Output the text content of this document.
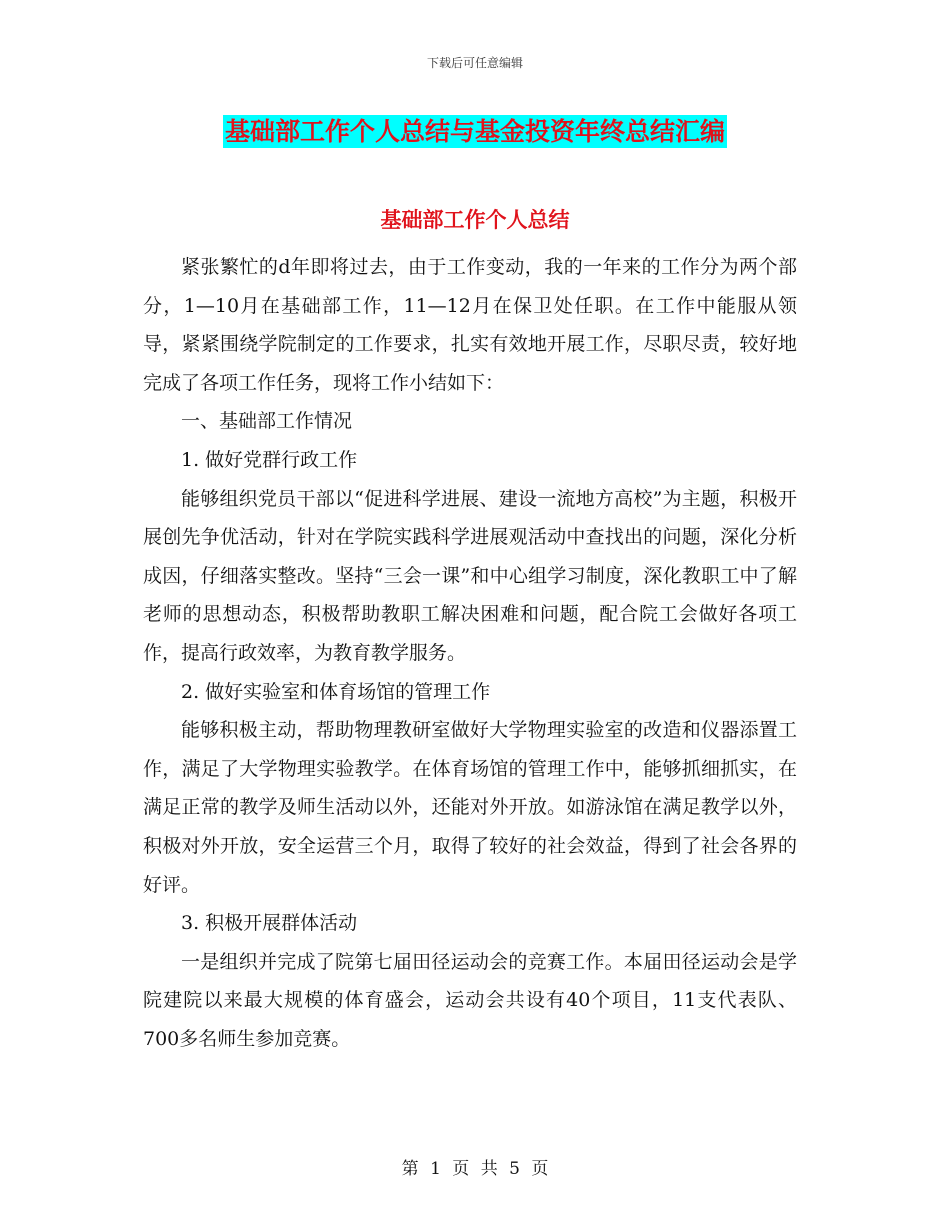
下载后可任意编辑
基础部工作个人总结与基金投资年终总结汇编
基础部工作个人总结

紧张繁忙的d年即将过去，由于工作变动，我的一年来的工作分为两个部分，1—10月在基础部工作，11—12月在保卫处任职。在工作中能服从领导，紧紧围绕学院制定的工作要求，扎实有效地开展工作，尽职尽责，较好地完成了各项工作任务，现将工作小结如下：

一、基础部工作情况

1. 做好党群行政工作

能够组织党员干部以“促进科学进展、建设一流地方高校”为主题，积极开展创先争优活动，针对在学院实践科学进展观活动中查找出的问题，深化分析成因，仔细落实整改。坚持“三会一课”和中心组学习制度，深化教职工中了解老师的思想动态，积极帮助教职工解决困难和问题，配合院工会做好各项工作，提高行政效率，为教育教学服务。

2. 做好实验室和体育场馆的管理工作

能够积极主动，帮助物理教研室做好大学物理实验室的改造和仪器添置工作，满足了大学物理实验教学。在体育场馆的管理工作中，能够抓细抓实，在满足正常的教学及师生活动以外，还能对外开放。如游泳馆在满足教学以外，积极对外开放，安全运营三个月，取得了较好的社会效益，得到了社会各界的好评。

3. 积极开展群体活动

一是组织并完成了院第七届田径运动会的竞赛工作。本届田径运动会是学院建院以来最大规模的体育盛会，运动会共设有40个项目，11支代表队、700多名师生参加竞赛。

第 1 页 共 5 页
